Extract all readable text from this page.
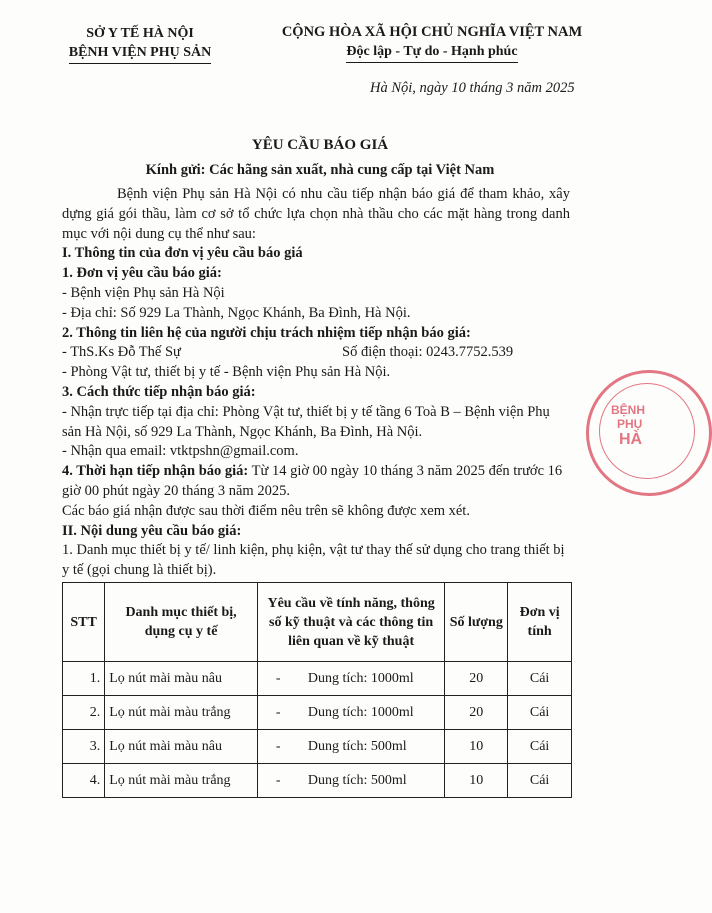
SỞ Y TẾ HÀ NỘI
BỆNH VIỆN PHỤ SẢN
CỘNG HÒA XÃ HỘI CHỦ NGHĨA VIỆT NAM
Độc lập - Tự do - Hạnh phúc
Hà Nội, ngày 10 tháng 3 năm 2025
YÊU CẦU BÁO GIÁ
Kính gửi: Các hãng sản xuất, nhà cung cấp tại Việt Nam

Bệnh viện Phụ sản Hà Nội có nhu cầu tiếp nhận báo giá để tham khảo, xây dựng giá gói thầu, làm cơ sở tổ chức lựa chọn nhà thầu cho các mặt hàng trong danh mục với nội dung cụ thể như sau:

I. Thông tin của đơn vị yêu cầu báo giá

1. Đơn vị yêu cầu báo giá:

- Bệnh viện Phụ sản Hà Nội

- Địa chỉ: Số 929 La Thành, Ngọc Khánh, Ba Đình, Hà Nội.

2. Thông tin liên hệ của người chịu trách nhiệm tiếp nhận báo giá:

- ThS.Ks Đỗ Thế Sự	Số điện thoại: 0243.7752.539

- Phòng Vật tư, thiết bị y tế - Bệnh viện Phụ sản Hà Nội.

3. Cách thức tiếp nhận báo giá:

- Nhận trực tiếp tại địa chỉ: Phòng Vật tư, thiết bị y tế tầng 6 Toà B – Bệnh viện Phụ sản Hà Nội, số 929 La Thành, Ngọc Khánh, Ba Đình, Hà Nội.

- Nhận qua email: vtktpshn@gmail.com.

4. Thời hạn tiếp nhận báo giá: Từ 14 giờ 00 ngày 10 tháng 3 năm 2025 đến trước 16 giờ 00 phút ngày 20 tháng 3 năm 2025.

Các báo giá nhận được sau thời điểm nêu trên sẽ không được xem xét.

II. Nội dung yêu cầu báo giá:

1. Danh mục thiết bị y tế/ linh kiện, phụ kiện, vật tư thay thế sử dụng cho trang thiết bị y tế (gọi chung là thiết bị).

STT	Danh mục thiết bị, dụng cụ y tế	Yêu cầu về tính năng, thông số kỹ thuật và các thông tin liên quan về kỹ thuật	Số lượng	Đơn vị tính
1.	Lọ nút mài màu nâu	- Dung tích: 1000ml	20	Cái
2.	Lọ nút mài màu trắng	- Dung tích: 1000ml	20	Cái
3.	Lọ nút mài màu nâu	- Dung tích: 500ml	10	Cái
4.	Lọ nút mài màu trắng	- Dung tích: 500ml	10	Cái
BỆNH
PHỤ
HÀ
